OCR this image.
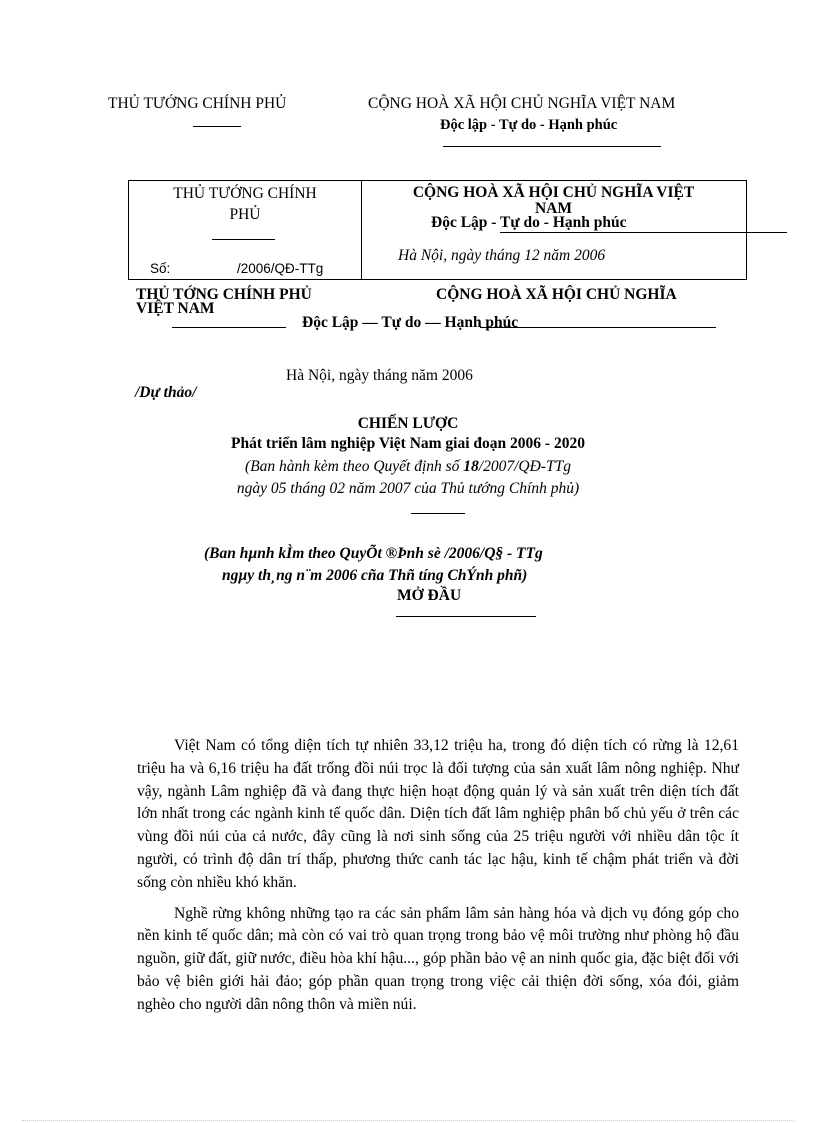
THỦ TƯỚNG CHÍNH PHỦ	CỘNG HOÀ XÃ HỘI CHỦ NGHĨA VIỆT NAM
Độc lập - Tự do - Hạnh phúc
THỦ TƯỚNG CHÍNH
PHỦ
Số:	/2006/QĐ-TTg
CỘNG HOÀ XÃ HỘI CHỦ NGHĨA VIỆT
NAM
Độc Lập - Tự do - Hạnh phúc
Hà Nội, ngày tháng 12 năm 2006
THỦ TỚNG CHÍNH PHỦ
VIỆT NAM
CỘNG HOÀ XÃ HỘI CHỦ NGHĨA
Độc Lập — Tự do — Hạnh phúc
Hà Nội, ngày tháng năm 2006
/Dự thảo/
CHIẾN LƯỢC
Phát triển lâm nghiệp Việt Nam giai đoạn 2006 - 2020
(Ban hành kèm theo Quyết định số 18/2007/QĐ-TTg
ngày 05 tháng 02 năm 2007 của Thủ tướng Chính phủ)
(Ban hµnh kÌm theo QuyÕt ®Þnh sè /2006/Q§ - TTg
ngµy th¸ng n¨m 2006 cña Thñ tíng ChÝnh phñ)
MỞ ĐẦU

Việt Nam có tổng diện tích tự nhiên 33,12 triệu ha, trong đó diện tích có rừng là 12,61 triệu ha và 6,16 triệu ha đất trống đồi núi trọc là đối tượng của sản xuất lâm nông nghiệp. Như vậy, ngành Lâm nghiệp đã và đang thực hiện hoạt động quản lý và sản xuất trên diện tích đất lớn nhất trong các ngành kinh tế quốc dân. Diện tích đất lâm nghiệp phân bố chủ yếu ở trên các vùng đồi núi của cả nước, đây cũng là nơi sinh sống của 25 triệu người với nhiều dân tộc ít người, có trình độ dân trí thấp, phương thức canh tác lạc hậu, kinh tế chậm phát triển và đời sống còn nhiều khó khăn.

Nghề rừng không những tạo ra các sản phẩm lâm sản hàng hóa và dịch vụ đóng góp cho nền kinh tế quốc dân; mà còn có vai trò quan trọng trong bảo vệ môi trường như phòng hộ đầu nguồn, giữ đất, giữ nước, điều hòa khí hậu..., góp phần bảo vệ an ninh quốc gia, đặc biệt đối với bảo vệ biên giới hải đảo; góp phần quan trọng trong việc cải thiện đời sống, xóa đói, giảm nghèo cho người dân nông thôn và miền núi.
